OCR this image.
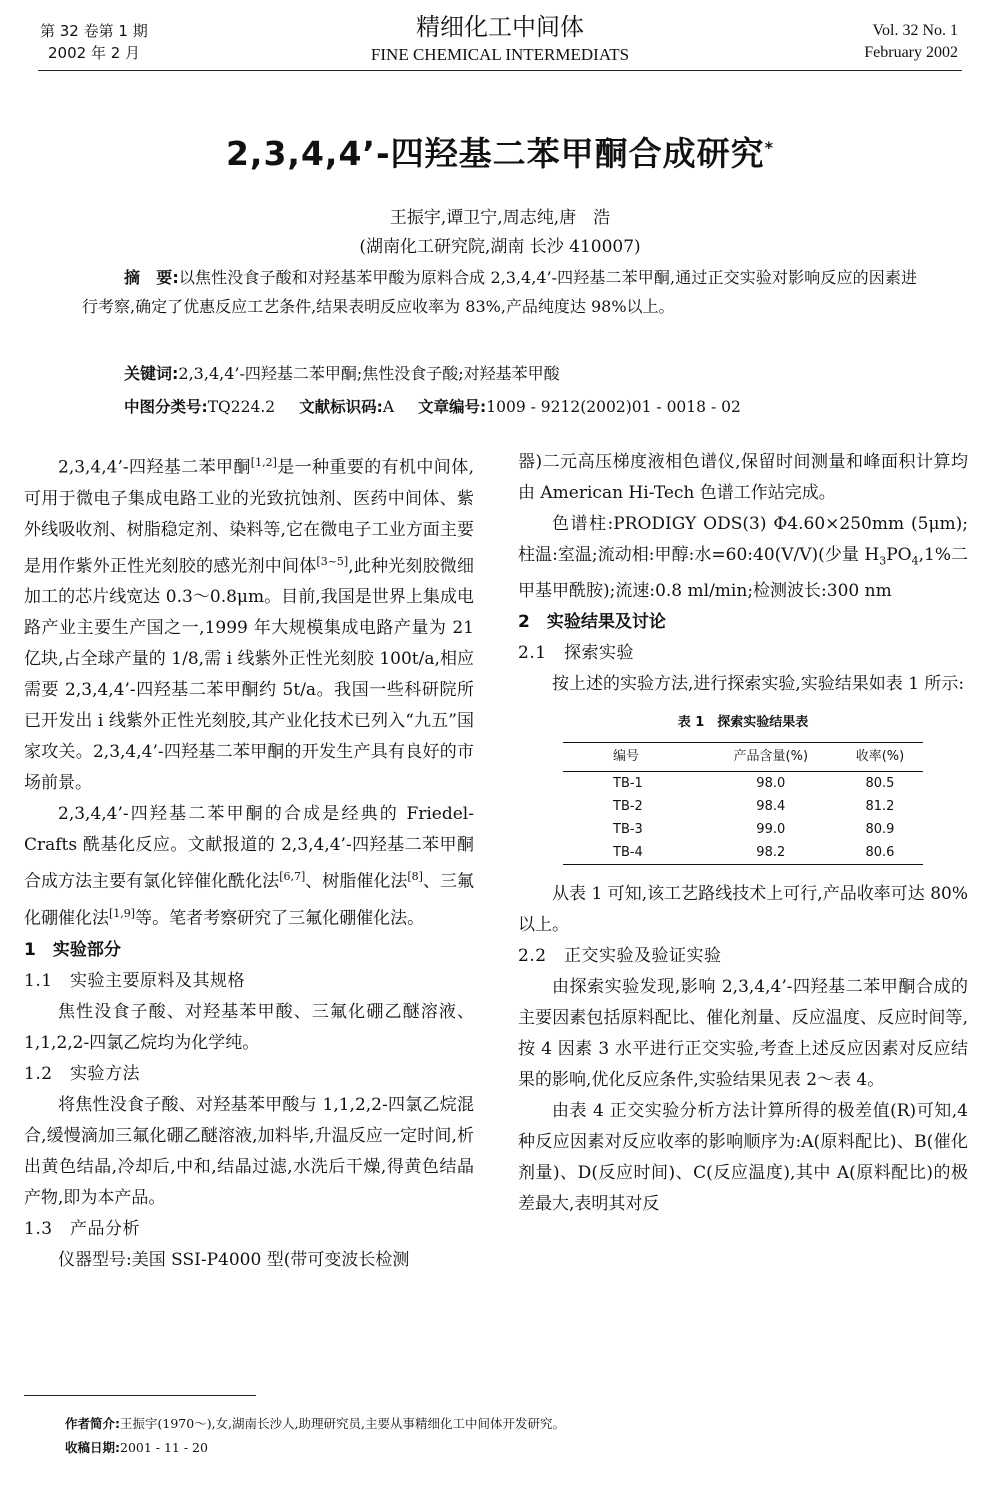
第 32 卷第 1 期
2002 年 2 月
精细化工中间体
FINE CHEMICAL INTERMEDIATS
Vol. 32 No. 1
February 2002
2,3,4,4’-四羟基二苯甲酮合成研究*
王振宇,谭卫宁,周志纯,唐　浩
(湖南化工研究院,湖南 长沙 410007)
摘　要:以焦性没食子酸和对羟基苯甲酸为原料合成 2,3,4,4’-四羟基二苯甲酮,通过正交实验对影响反应的因素进行考察,确定了优惠反应工艺条件,结果表明反应收率为 83%,产品纯度达 98%以上。
关键词:2,3,4,4’-四羟基二苯甲酮;焦性没食子酸;对羟基苯甲酸
中图分类号:TQ224.2 文献标识码:A 文章编号:1009 - 9212(2002)01 - 0018 - 02

2,3,4,4’-四羟基二苯甲酮[1,2]是一种重要的有机中间体,可用于微电子集成电路工业的光致抗蚀剂、医药中间体、紫外线吸收剂、树脂稳定剂、染料等,它在微电子工业方面主要是用作紫外正性光刻胶的感光剂中间体[3~5],此种光刻胶微细加工的芯片线宽达 0.3～0.8μm。目前,我国是世界上集成电路产业主要生产国之一,1999 年大规模集成电路产量为 21 亿块,占全球产量的 1/8,需 i 线紫外正性光刻胶 100t/a,相应需要 2,3,4,4’-四羟基二苯甲酮约 5t/a。我国一些科研院所已开发出 i 线紫外正性光刻胶,其产业化技术已列入“九五”国家攻关。2,3,4,4’-四羟基二苯甲酮的开发生产具有良好的市场前景。

2,3,4,4’-四羟基二苯甲酮的合成是经典的 Friedel-Crafts 酰基化反应。文献报道的 2,3,4,4’-四羟基二苯甲酮合成方法主要有氯化锌催化酰化法[6,7]、树脂催化法[8]、三氟化硼催化法[1,9]等。笔者考察研究了三氟化硼催化法。

1　实验部分

1.1　实验主要原料及其规格

焦性没食子酸、对羟基苯甲酸、三氟化硼乙醚溶液、1,1,2,2-四氯乙烷均为化学纯。

1.2　实验方法

将焦性没食子酸、对羟基苯甲酸与 1,1,2,2-四氯乙烷混合,缓慢滴加三氟化硼乙醚溶液,加料毕,升温反应一定时间,析出黄色结晶,冷却后,中和,结晶过滤,水洗后干燥,得黄色结晶产物,即为本产品。

1.3　产品分析

仪器型号:美国 SSI-P4000 型(带可变波长检测

器)二元高压梯度液相色谱仪,保留时间测量和峰面积计算均由 American Hi-Tech 色谱工作站完成。

色谱柱:PRODIGY ODS(3) Φ4.60×250mm (5μm);柱温:室温;流动相:甲醇:水=60:40(V/V)(少量 $H_3PO_4,1\%$二甲基甲酰胺);流速:0.8 ml/min;检测波长:300 nm

2　实验结果及讨论

2.1　探索实验

按上述的实验方法,进行探索实验,实验结果如表 1 所示:

表 1　探索实验结果表
编号	产品含量(%)	收率(%)
TB-1	98.0	80.5
TB-2	98.4	81.2
TB-3	99.0	80.9
TB-4	98.2	80.6

从表 1 可知,该工艺路线技术上可行,产品收率可达 80%以上。

2.2　正交实验及验证实验

由探索实验发现,影响 2,3,4,4’-四羟基二苯甲酮合成的主要因素包括原料配比、催化剂量、反应温度、反应时间等,按 4 因素 3 水平进行正交实验,考查上述反应因素对反应结果的影响,优化反应条件,实验结果见表 2～表 4。

由表 4 正交实验分析方法计算所得的极差值(R)可知,4 种反应因素对反应收率的影响顺序为:A(原料配比)、B(催化剂量)、D(反应时间)、C(反应温度),其中 A(原料配比)的极差最大,表明其对反

作者简介:王振宇(1970～),女,湖南长沙人,助理研究员,主要从事精细化工中间体开发研究。
收稿日期:2001 - 11 - 20
